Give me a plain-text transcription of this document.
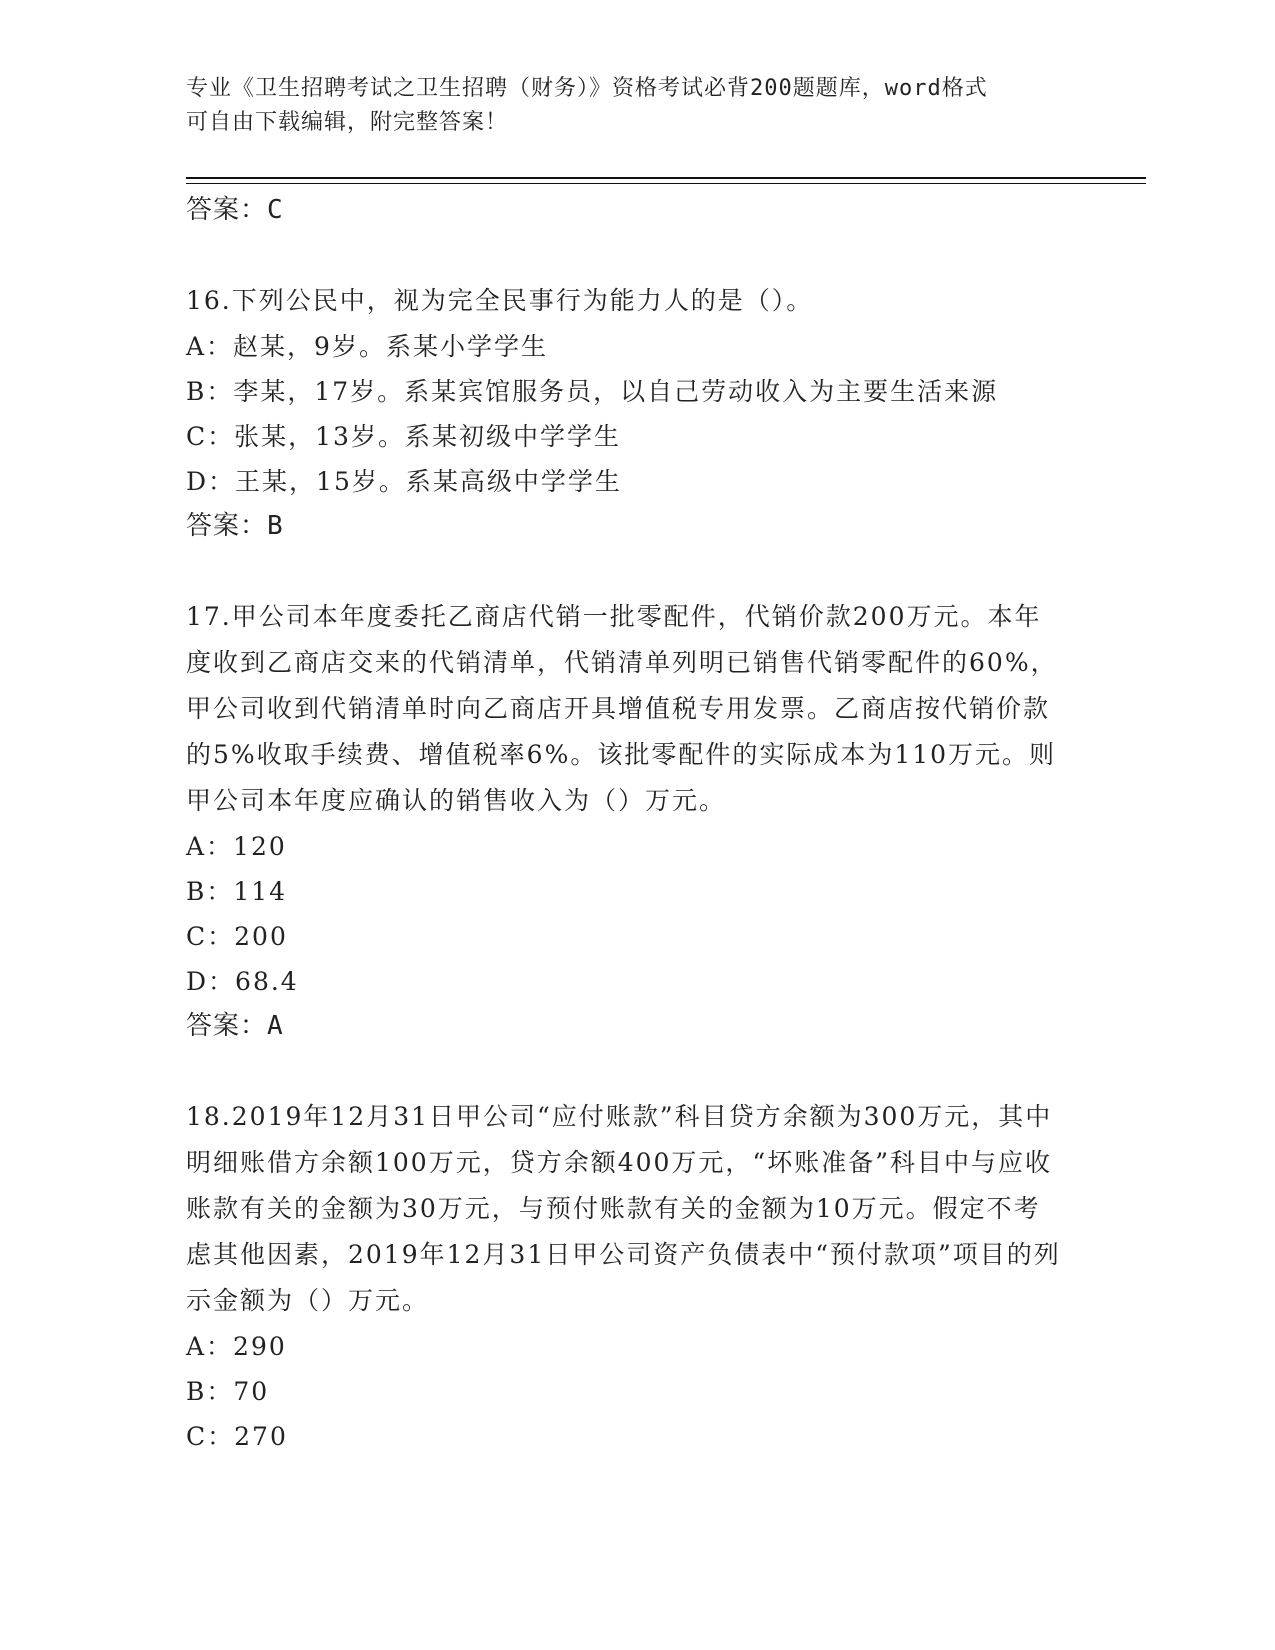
专业《卫生招聘考试之卫生招聘（财务）》资格考试必背200题题库，word格式
可自由下载编辑，附完整答案！

答案：C

16.下列公民中，视为完全民事行为能力人的是（）。

A：赵某，9岁。系某小学学生

B：李某，17岁。系某宾馆服务员，以自己劳动收入为主要生活来源

C：张某，13岁。系某初级中学学生

D：王某，15岁。系某高级中学学生

答案：B

17.甲公司本年度委托乙商店代销一批零配件，代销价款200万元。本年度收到乙商店交来的代销清单，代销清单列明已销售代销零配件的60%，甲公司收到代销清单时向乙商店开具增值税专用发票。乙商店按代销价款的5%收取手续费、增值税率6%。该批零配件的实际成本为110万元。则甲公司本年度应确认的销售收入为（）万元。

A：120

B：114

C：200

D：68.4

答案：A

18.2019年12月31日甲公司“应付账款”科目贷方余额为300万元，其中明细账借方余额100万元，贷方余额400万元，“坏账准备”科目中与应收账款有关的金额为30万元，与预付账款有关的金额为10万元。假定不考虑其他因素，2019年12月31日甲公司资产负债表中“预付款项”项目的列示金额为（）万元。

A：290

B：70

C：270
